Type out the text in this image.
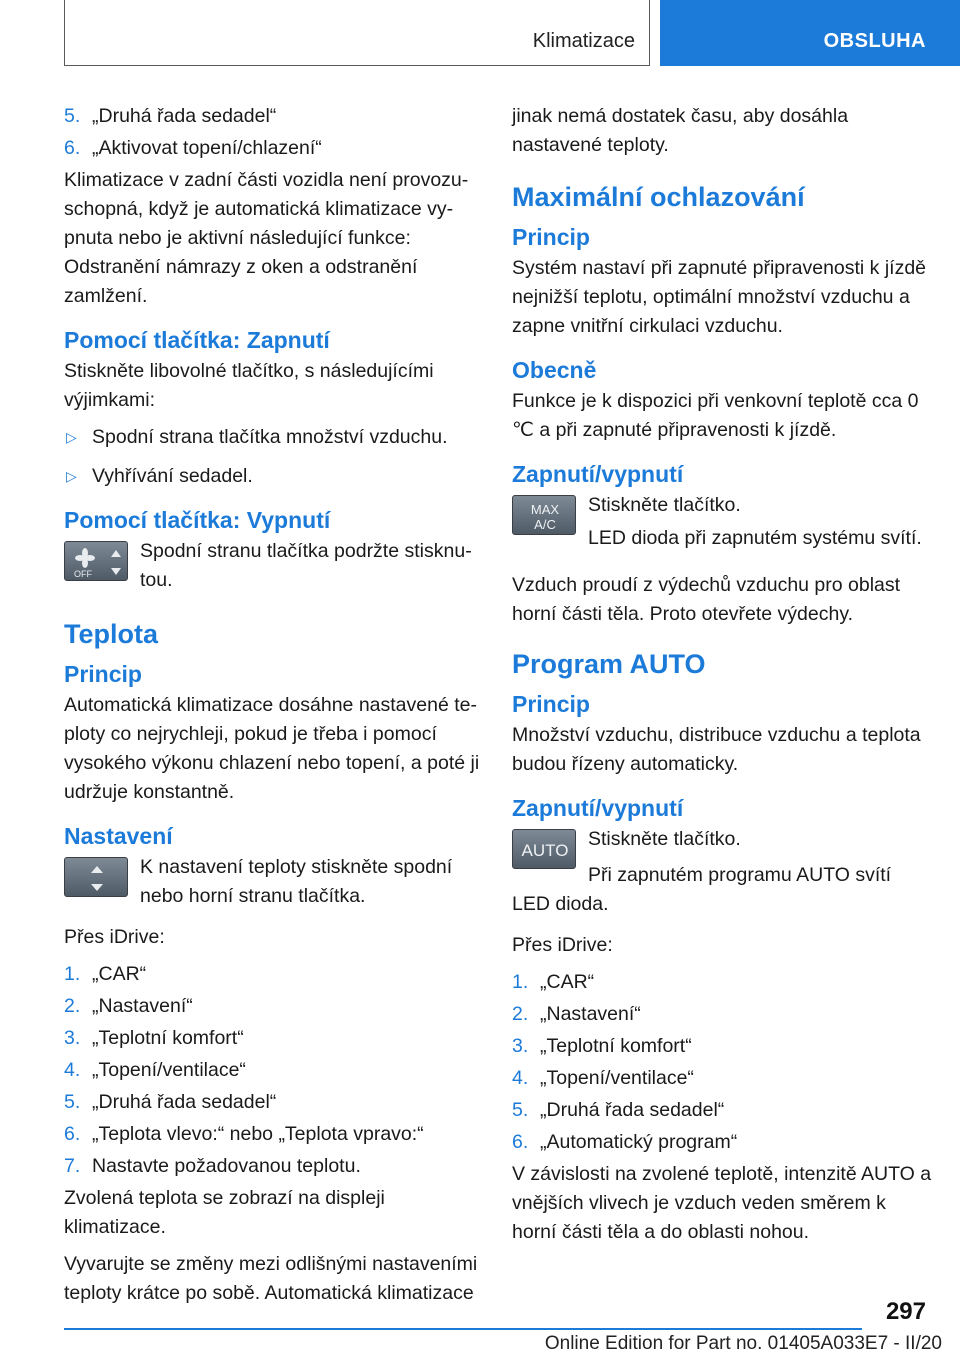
Klimatizace	OBSLUHA
5. „Druhá řada sedadel“
6. „Aktivovat topení/chlazení“

Klimatizace v zadní části vozidla není provozuschopná, když je automatická klimatizace vypnuta nebo je aktivní následující funkce: Odstranění námrazy z oken a odstranění zamlžení.

Pomocí tlačítka: Zapnutí

Stiskněte libovolné tlačítko, s následujícími výjimkami:

▷ Spodní strana tlačítka množství vzduchu.
▷ Vyhřívání sedadel.
Pomocí tlačítka: Vypnutí
OFF
Spodní stranu tlačítka podržte stisknutou.
Teplota
Princip

Automatická klimatizace dosáhne nastavené teploty co nejrychleji, pokud je třeba i pomocí vysokého výkonu chlazení nebo topení, a poté ji udržuje konstantně.

Nastavení
K nastavení teploty stiskněte spodní nebo horní stranu tlačítka.

Přes iDrive:

1. „CAR“
2. „Nastavení“
3. „Teplotní komfort“
4. „Topení/ventilace“
5. „Druhá řada sedadel“
6. „Teplota vlevo:“ nebo „Teplota vpravo:“
7. Nastavte požadovanou teplotu.

Zvolená teplota se zobrazí na displeji klimatizace.

Vyvarujte se změny mezi odlišnými nastaveními teploty krátce po sobě. Automatická klimatizace

jinak nemá dostatek času, aby dosáhla nastavené teploty.

Maximální ochlazování
Princip

Systém nastaví při zapnuté připravenosti k jízdě nejnižší teplotu, optimální množství vzduchu a zapne vnitřní cirkulaci vzduchu.

Obecně

Funkce je k dispozici při venkovní teplotě cca 0 ℃ a při zapnuté připravenosti k jízdě.

Zapnutí/vypnutí
MAX
A/C

Stiskněte tlačítko.

LED dioda při zapnutém systému svítí.

Vzduch proudí z výdechů vzduchu pro oblast horní části těla. Proto otevřete výdechy.

Program AUTO
Princip

Množství vzduchu, distribuce vzduchu a teplota budou řízeny automaticky.

Zapnutí/vypnutí
AUTO

Stiskněte tlačítko.

Při zapnutém programu AUTO svítí LED dioda.

Přes iDrive:

1. „CAR“
2. „Nastavení“
3. „Teplotní komfort“
4. „Topení/ventilace“
5. „Druhá řada sedadel“
6. „Automatický program“

V závislosti na zvolené teplotě, intenzitě AUTO a vnějších vlivech je vzduch veden směrem k horní části těla a do oblasti nohou.

297
Online Edition for Part no. 01405A033E7 - II/20
